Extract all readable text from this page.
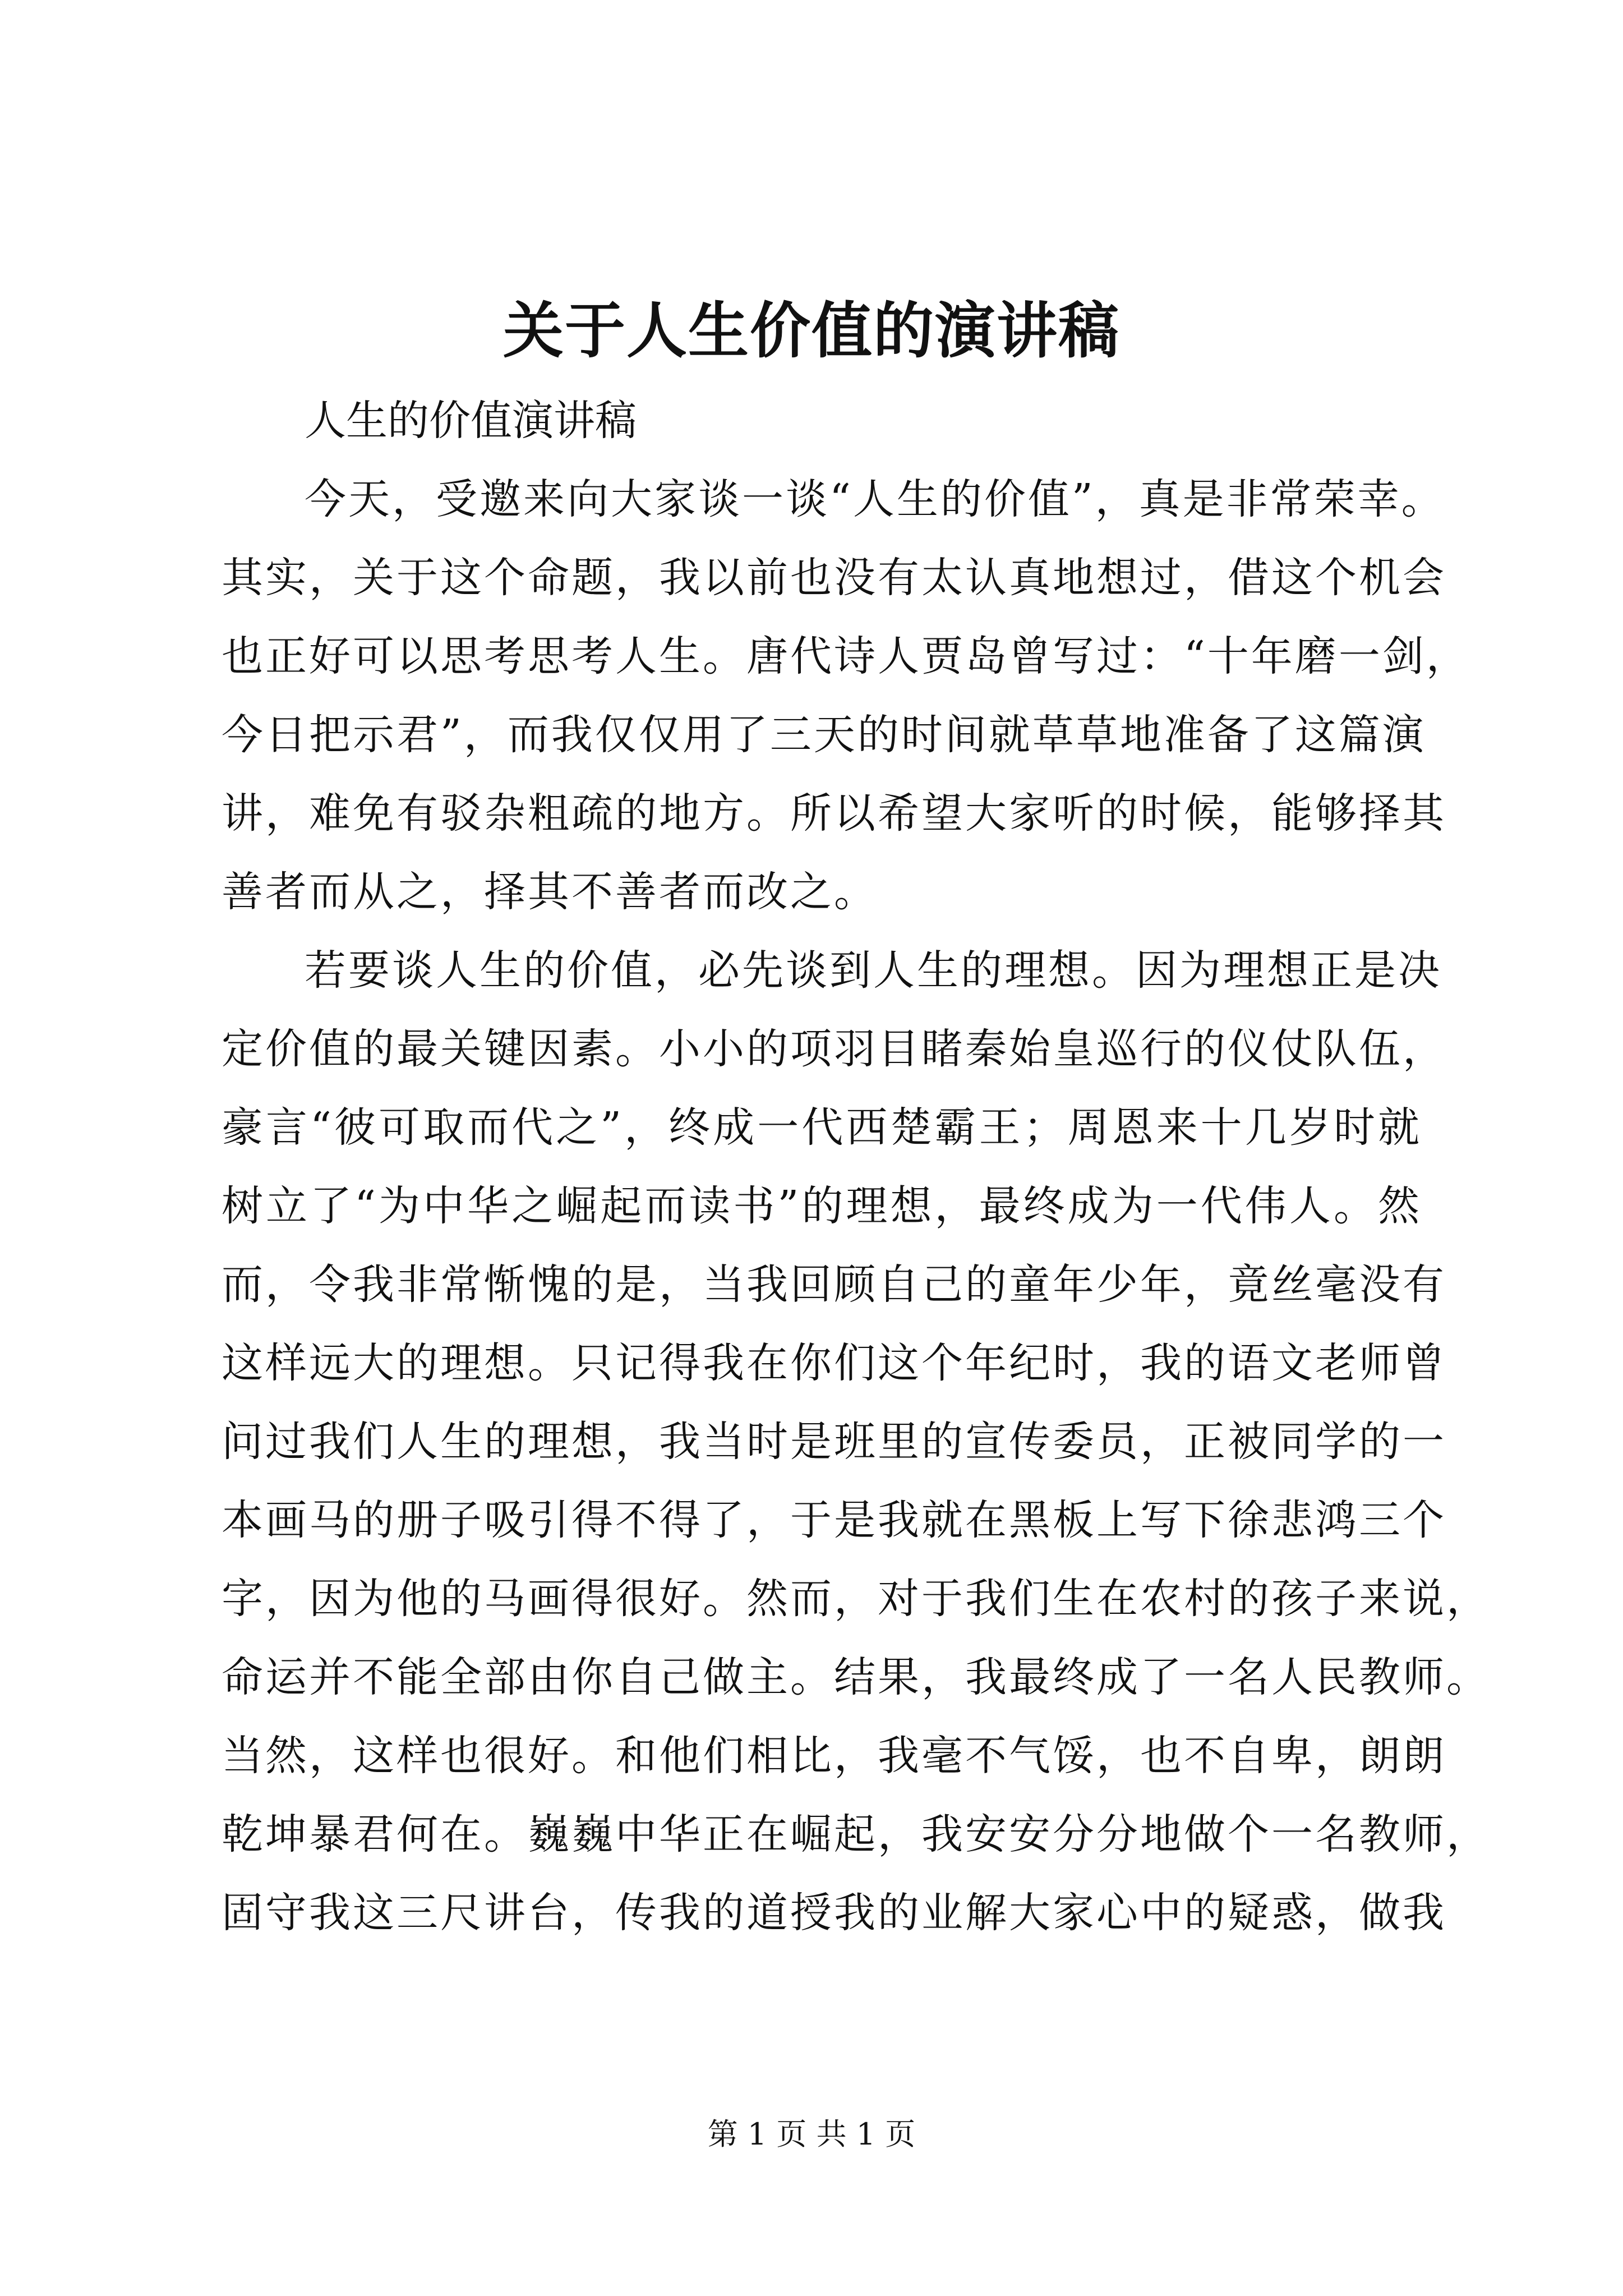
关于人生价值的演讲稿

人生的价值演讲稿

今天，受邀来向大家谈一谈“人生的价值”，真是非常荣幸。
其实，关于这个命题，我以前也没有太认真地想过，借这个机会
也正好可以思考思考人生。唐代诗人贾岛曾写过：“十年磨一剑，
今日把示君”，而我仅仅用了三天的时间就草草地准备了这篇演
讲，难免有驳杂粗疏的地方。所以希望大家听的时候，能够择其
善者而从之，择其不善者而改之。

若要谈人生的价值，必先谈到人生的理想。因为理想正是决
定价值的最关键因素。小小的项羽目睹秦始皇巡行的仪仗队伍，
豪言“彼可取而代之”，终成一代西楚霸王；周恩来十几岁时就
树立了“为中华之崛起而读书”的理想，最终成为一代伟人。然
而，令我非常惭愧的是，当我回顾自己的童年少年，竟丝毫没有
这样远大的理想。只记得我在你们这个年纪时，我的语文老师曾
问过我们人生的理想，我当时是班里的宣传委员，正被同学的一
本画马的册子吸引得不得了，于是我就在黑板上写下徐悲鸿三个
字，因为他的马画得很好。然而，对于我们生在农村的孩子来说，
命运并不能全部由你自己做主。结果，我最终成了一名人民教师。
当然，这样也很好。和他们相比，我毫不气馁，也不自卑，朗朗
乾坤暴君何在。巍巍中华正在崛起，我安安分分地做个一名教师，
固守我这三尺讲台，传我的道授我的业解大家心中的疑惑，做我

第 1 页 共 1 页
